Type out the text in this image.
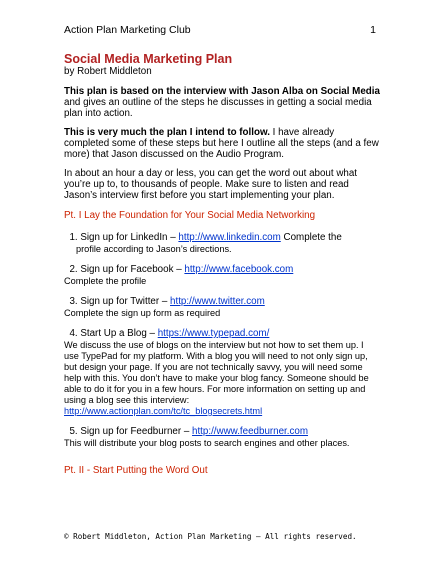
Action Plan Marketing Club	1
Social Media Marketing Plan
by Robert Middleton

This plan is based on the interview with Jason Alba on Social Media and gives an outline of the steps he discusses in getting a social media plan into action.

This is very much the plan I intend to follow. I have already completed some of these steps but here I outline all the steps (and a few more) that Jason discussed on the Audio Program.

In about an hour a day or less, you can get the word out about what you’re up to, to thousands of people. Make sure to listen and read Jason’s interview first before you start implementing your plan.

Pt. I Lay the Foundation for Your Social Media Networking
1. Sign up for LinkedIn – http://www.linkedin.com Complete the
profile according to Jason’s directions.
2. Sign up for Facebook – http://www.facebook.com
Complete the profile
3. Sign up for Twitter – http://www.twitter.com
Complete the sign up form as required
4. Start Up a Blog – https://www.typepad.com/
We discuss the use of blogs on the interview but not how to set them up. I use TypePad for my platform. With a blog you will need to not only sign up, but design your page. If you are not technically savvy, you will need some help with this. You don’t have to make your blog fancy. Someone should be able to do it for you in a few hours. For more information on setting up and using a blog see this interview:
http://www.actionplan.com/tc/tc_blogsecrets.html
5. Sign up for Feedburner – http://www.feedburner.com
This will distribute your blog posts to search engines and other places.
Pt. II - Start Putting the Word Out
© Robert Middleton, Action Plan Marketing – All rights reserved.
